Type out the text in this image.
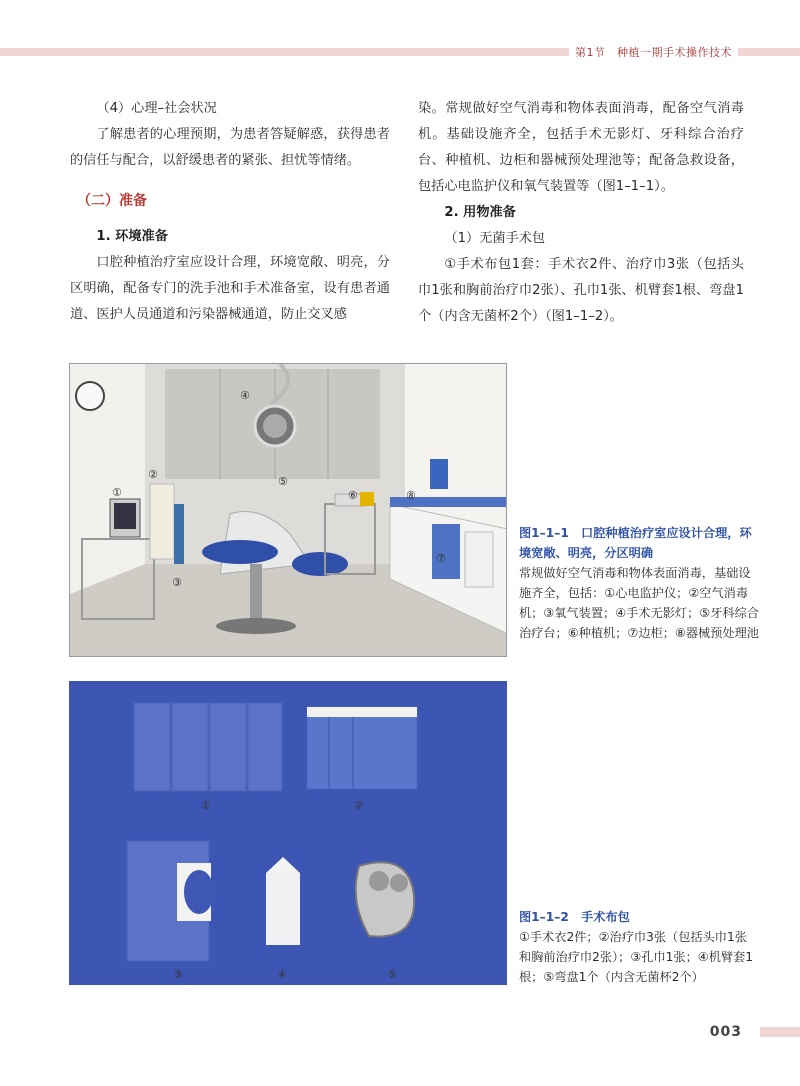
第1节　种植一期手术操作技术

（4）心理–社会状况

了解患者的心理预期，为患者答疑解惑，获得患者的信任与配合，以舒缓患者的紧张、担忧等情绪。

（二）准备

1. 环境准备

口腔种植治疗室应设计合理，环境宽敞、明亮，分区明确，配备专门的洗手池和手术准备室，设有患者通道、医护人员通道和污染器械通道，防止交叉感

染。常规做好空气消毒和物体表面消毒，配备空气消毒机。基础设施齐全，包括手术无影灯、牙科综合治疗台、种植机、边柜和器械预处理池等；配备急救设备，包括心电监护仪和氧气装置等（图1–1–1）。

2. 用物准备

（1）无菌手术包

①手术布包1套：手术衣2件、治疗巾3张（包括头巾1张和胸前治疗巾2张）、孔巾1张、机臂套1根、弯盘1个（内含无菌杯2个）（图1–1–2）。

①
②
③
④
⑤
⑥
⑦
⑧
图1–1–1　口腔种植治疗室应设计合理，环境宽敞、明亮，分区明确
常规做好空气消毒和物体表面消毒，基础设施齐全，包括：①心电监护仪；②空气消毒机；③氧气装置；④手术无影灯；⑤牙科综合治疗台；⑥种植机；⑦边柜；⑧器械预处理池
①	②
③	④	⑤
图1–1–2　手术布包
①手术衣2件；②治疗巾3张（包括头巾1张和胸前治疗巾2张）；③孔巾1张；④机臂套1根；⑤弯盘1个（内含无菌杯2个）
003
